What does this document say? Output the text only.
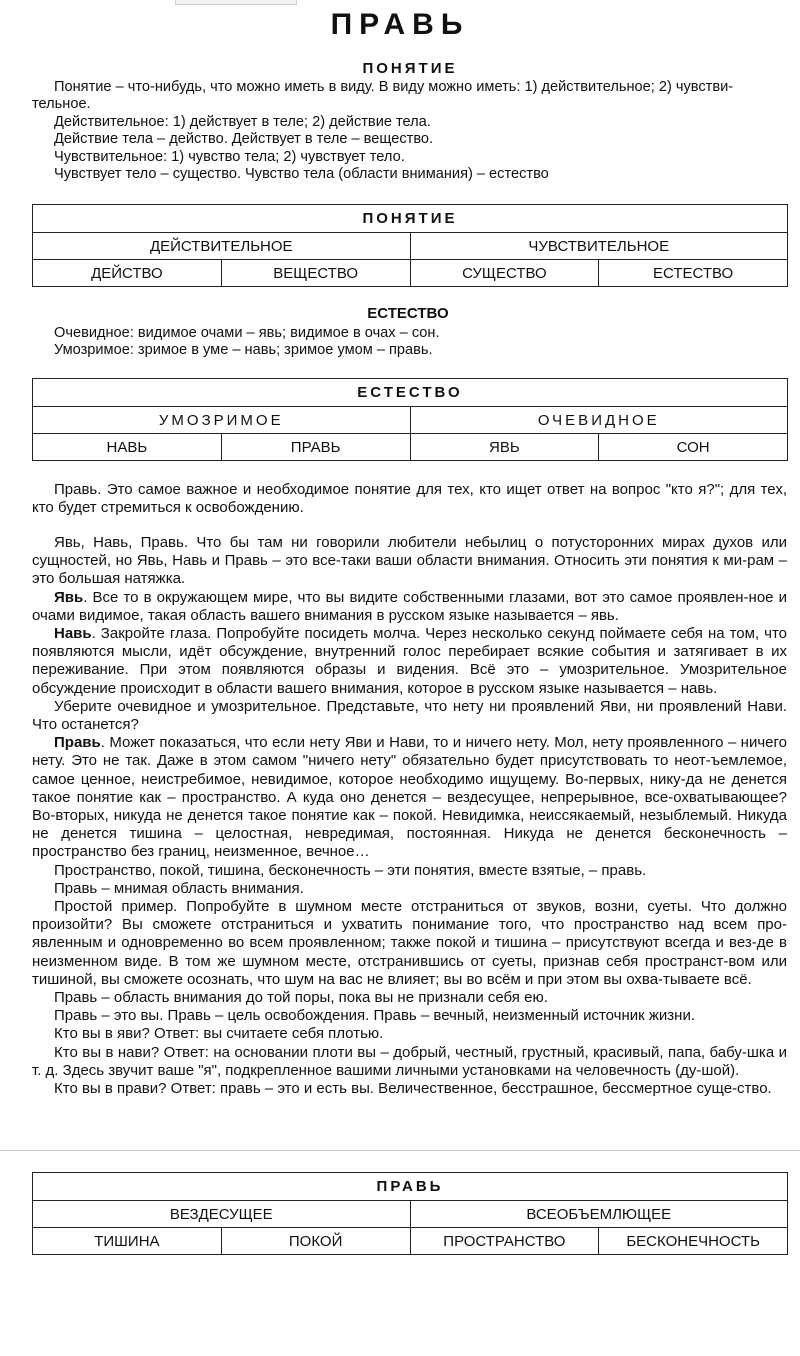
ПРАВЬ
ПОНЯТИЕ

Понятие – что-нибудь, что можно иметь в виду. В виду можно иметь: 1) действительное; 2) чувстви-тельное.

Действительное: 1) действует в теле; 2) действие тела.

Действие тела – действо. Действует в теле – вещество.

Чувствительное: 1) чувство тела; 2) чувствует тело.

Чувствует тело – существо. Чувство тела (области внимания) – естество

ПОНЯТИЕ			
ДЕЙСТВИТЕЛЬНОЕ		ЧУВСТВИТЕЛЬНОЕ	
ДЕЙСТВО	ВЕЩЕСТВО	СУЩЕСТВО	ЕСТЕСТВО
ЕСТЕСТВО

Очевидное: видимое очами – явь; видимое в очах – сон.

Умозримое: зримое в уме – навь; зримое умом – правь.

ЕСТЕСТВО			
УМОЗРИМОЕ		ОЧЕВИДНОЕ	
НАВЬ	ПРАВЬ	ЯВЬ	СОН

Правь. Это самое важное и необходимое понятие для тех, кто ищет ответ на вопрос "кто я?"; для тех, кто будет стремиться к освобождению.

Явь, Навь, Правь. Что бы там ни говорили любители небылиц о потусторонних мирах духов или сущностей, но Явь, Навь и Правь – это все-таки ваши области внимания. Относить эти понятия к ми-рам – это большая натяжка.

Явь. Все то в окружающем мире, что вы видите собственными глазами, вот это самое проявлен-ное и очами видимое, такая область вашего внимания в русском языке называется – явь.

Навь. Закройте глаза. Попробуйте посидеть молча. Через несколько секунд поймаете себя на том, что появляются мысли, идёт обсуждение, внутренний голос перебирает всякие события и затягивает в их переживание. При этом появляются образы и видения. Всё это – умозрительное. Умозрительное обсуждение происходит в области вашего внимания, которое в русском языке называется – навь.

Уберите очевидное и умозрительное. Представьте, что нету ни проявлений Яви, ни проявлений Нави. Что останется?

Правь. Может показаться, что если нету Яви и Нави, то и ничего нету. Мол, нету проявленного – ничего нету. Это не так. Даже в этом самом "ничего нету" обязательно будет присутствовать то неот-ъемлемое, самое ценное, неистребимое, невидимое, которое необходимо ищущему. Во-первых, нику-да не денется такое понятие как – пространство. А куда оно денется – вездесущее, непрерывное, все-охватывающее? Во-вторых, никуда не денется такое понятие как – покой. Невидимка, неиссякаемый, незыблемый. Никуда не денется тишина – целостная, невредимая, постоянная. Никуда не денется бесконечность – пространство без границ, неизменное, вечное…

Пространство, покой, тишина, бесконечность – эти понятия, вместе взятые, – правь.

Правь – мнимая область внимания.

Простой пример. Попробуйте в шумном месте отстраниться от звуков, возни, суеты. Что должно произойти? Вы сможете отстраниться и ухватить понимание того, что пространство над всем про-явленным и одновременно во всем проявленном; также покой и тишина – присутствуют всегда и вез-де в неизменном виде. В том же шумном месте, отстранившись от суеты, признав себя пространст-вом или тишиной, вы сможете осознать, что шум на вас не влияет; вы во всём и при этом вы охва-тываете всё.

Правь – область внимания до той поры, пока вы не признали себя ею.

Правь – это вы. Правь – цель освобождения. Правь – вечный, неизменный источник жизни.

Кто вы в яви? Ответ: вы считаете себя плотью.

Кто вы в нави? Ответ: на основании плоти вы – добрый, честный, грустный, красивый, папа, бабу-шка и т. д. Здесь звучит ваше "я", подкрепленное вашими личными установками на человечность (ду-шой).

Кто вы в прави? Ответ: правь – это и есть вы. Величественное, бесстрашное, бессмертное суще-ство.

ПРАВЬ			
ВЕЗДЕСУЩЕЕ		ВСЕОБЪЕМЛЮЩЕЕ	
ТИШИНА	ПОКОЙ	ПРОСТРАНСТВО	БЕСКОНЕЧНОСТЬ
